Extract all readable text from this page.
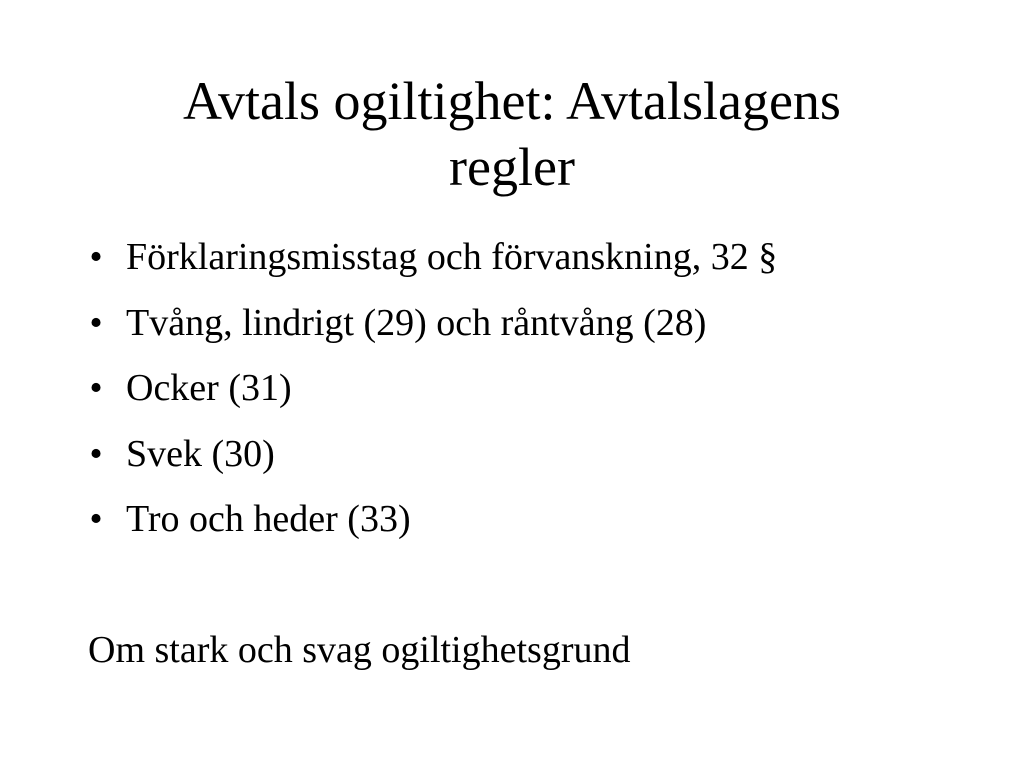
Avtals ogiltighet: Avtalslagens
regler
• Förklaringsmisstag och förvanskning, 32 §
• Tvång, lindrigt (29) och råntvång (28)
• Ocker (31)
• Svek (30)
• Tro och heder (33)

Om stark och svag ogiltighetsgrund
